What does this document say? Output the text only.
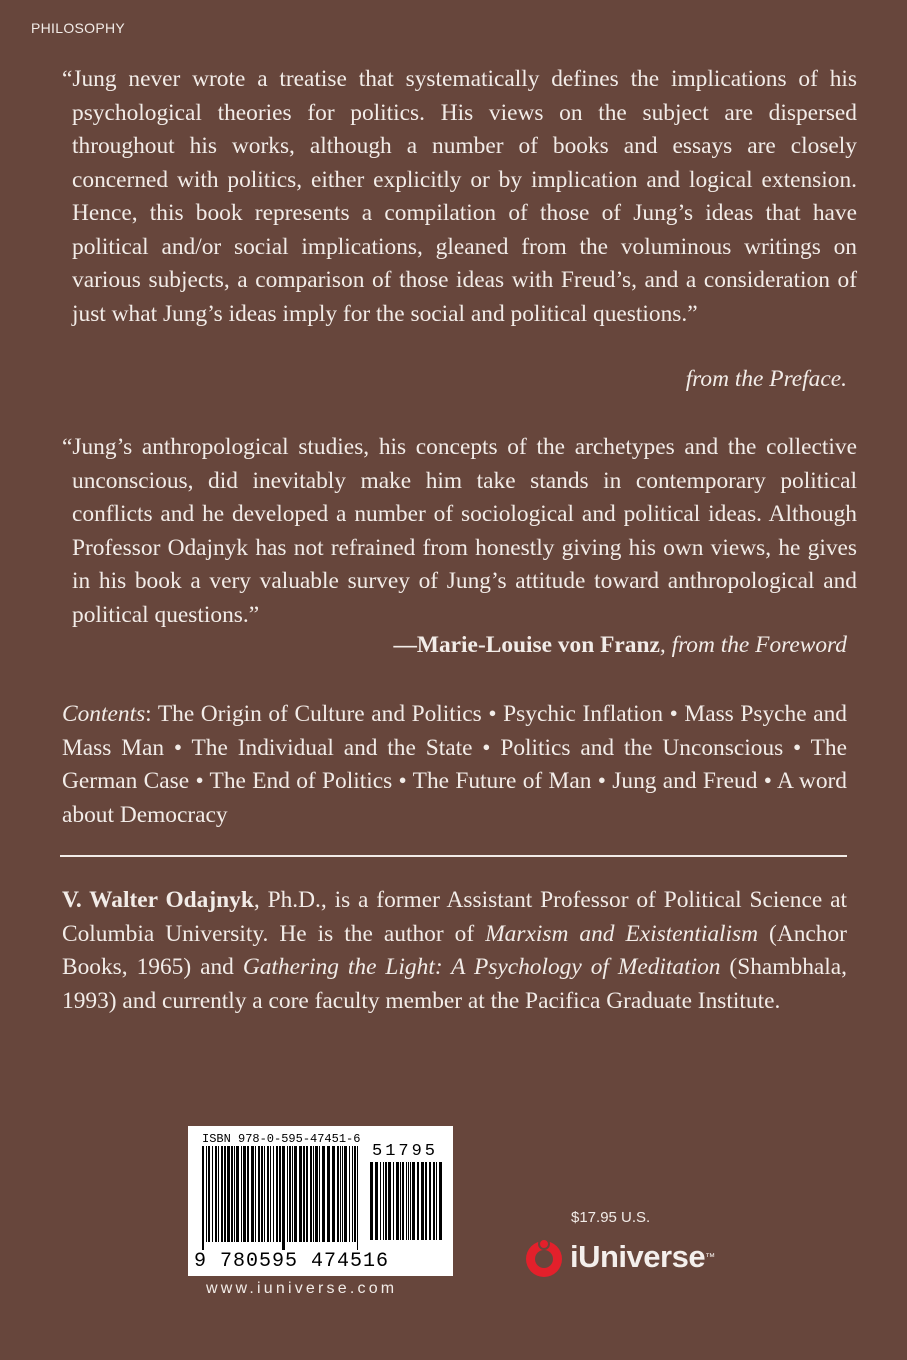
PHILOSOPHY
“Jung never wrote a treatise that systematically defines the implications of his psychological theories for politics. His views on the subject are dispersed throughout his works, although a number of books and essays are closely concerned with politics, either explicitly or by implication and logical extension. Hence, this book represents a compilation of those of Jung’s ideas that have political and/or social implications, gleaned from the voluminous writings on various subjects, a comparison of those ideas with Freud’s, and a consideration of just what Jung’s ideas imply for the social and political questions.”
from the Preface.
“Jung’s anthropological studies, his concepts of the archetypes and the collective unconscious, did inevitably make him take stands in contemporary political conflicts and he developed a number of sociological and political ideas. Although Professor Odajnyk has not refrained from honestly giving his own views, he gives in his book a very valuable survey of Jung’s attitude toward anthropological and political questions.”
—Marie-Louise von Franz, from the Foreword
Contents: The Origin of Culture and Politics • Psychic Inflation • Mass Psyche and Mass Man • The Individual and the State • Politics and the Unconscious • The German Case • The End of Politics • The Future of Man • Jung and Freud • A word about Democracy
V. Walter Odajnyk, Ph.D., is a former Assistant Professor of Political Science at Columbia University. He is the author of Marxism and Existentialism (Anchor Books, 1965) and Gathering the Light: A Psychology of Meditation (Shambhala, 1993) and currently a core faculty member at the Pacifica Graduate Institute.
ISBN 978-0-595-47451-6
51795
9 780595 474516
www.iuniverse.com
$17.95 U.S.
iUniverse ™
